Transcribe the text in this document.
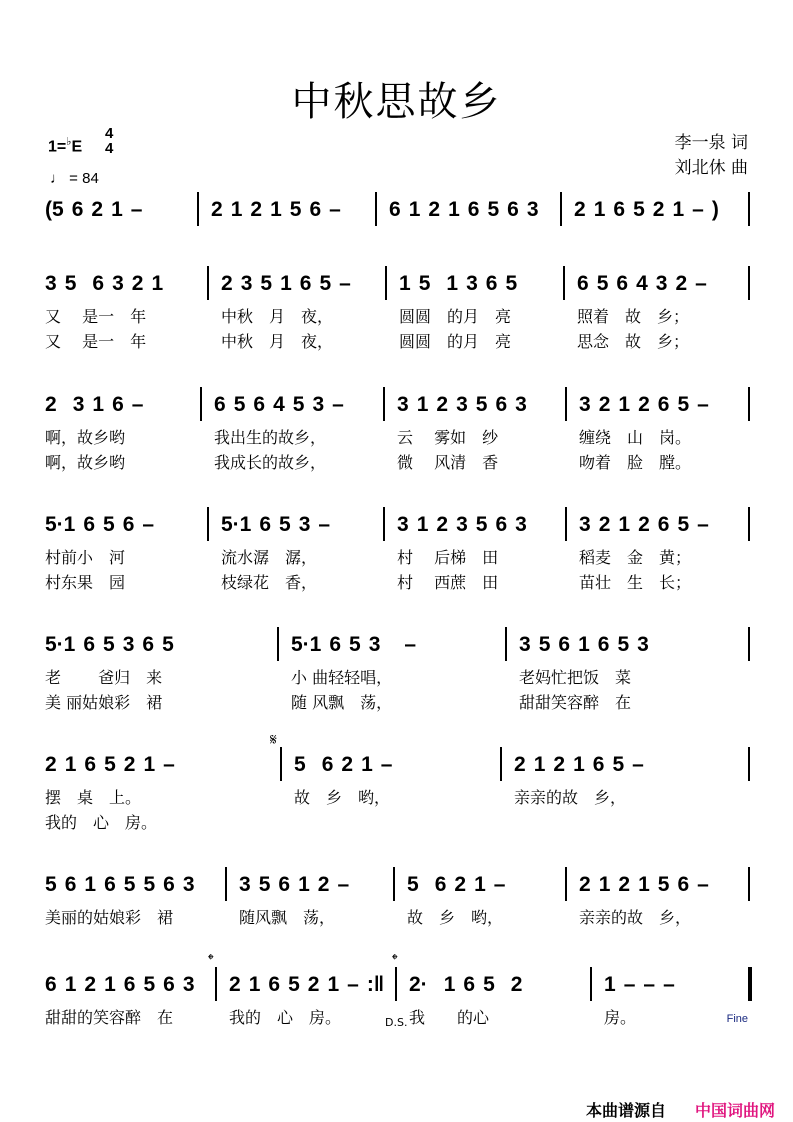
中秋思故乡
1=♭E
4
4
♩ = 84
李一泉 词
刘北休 曲
(5 6 2 1 –	2 1 2 1 5 6 – 6 1 2 1 6 5 6 3 2 1 6 5 2 1 – )
3 5 6 3 2 1
又　 是一　年
又　 是一　年
2 3 5 1 6 5 –
中秋　月　夜，
中秋　月　夜，
1 5 1 3 6 5
圆圆　的月　亮
圆圆　的月　亮
6 5 6 4 3 2 –
照着　故　乡；
思念　故　乡；
2 3 1 6 –
啊，故乡哟
啊，故乡哟
6 5 6 4 5 3 –
我出生的故乡，
我成长的故乡，
3 1 2 3 5 6 3
云　 雾如　纱
微　 风清　香
3 2 1 2 6 5 –
缠绕　山　岗。
吻着　脸　膛。
5·1 6 5 6 –
村前小　河
村东果　园
5·1 6 5 3 –
流水潺　潺，
枝绿花　香，
3 1 2 3 5 6 3
村　 后梯　田
村　 西蔗　田
3 2 1 2 6 5 –
稻麦　金　黄；
苗壮　生　长；
5·1 6 5 3 6 5
老　　 爸归　来
美 丽姑娘彩　裙
5·1 6 5 3 –
小 曲轻轻唱，
随 风飘　荡，
3 5 6 1 6 5 3
老妈忙把饭　菜
甜甜笑容醉　在
2 1 6 5 2 1 –
摆　桌　上。
我的　心　房。
5 6 2 1 –
故　乡　哟，
2 1 2 1 6 5 –
亲亲的故　乡，
5 6 1 6 5 5 6 3
美丽的姑娘彩　裙
3 5 6 1 2 –
随风飘　荡，
5 6 2 1 –
故　乡　哟，
2 1 2 1 5 6 –
亲亲的故　乡，
6 1 2 1 6 5 6 3
甜甜的笑容醉　在
2 1 6 5 2 1 – :‖
我的　心　房。
2· 1 6 5 2
我　　的心　　
1 – – –
房。
𝄋
𝄌	𝄌
D.S.	Fine
本曲谱源自 中国词曲网
